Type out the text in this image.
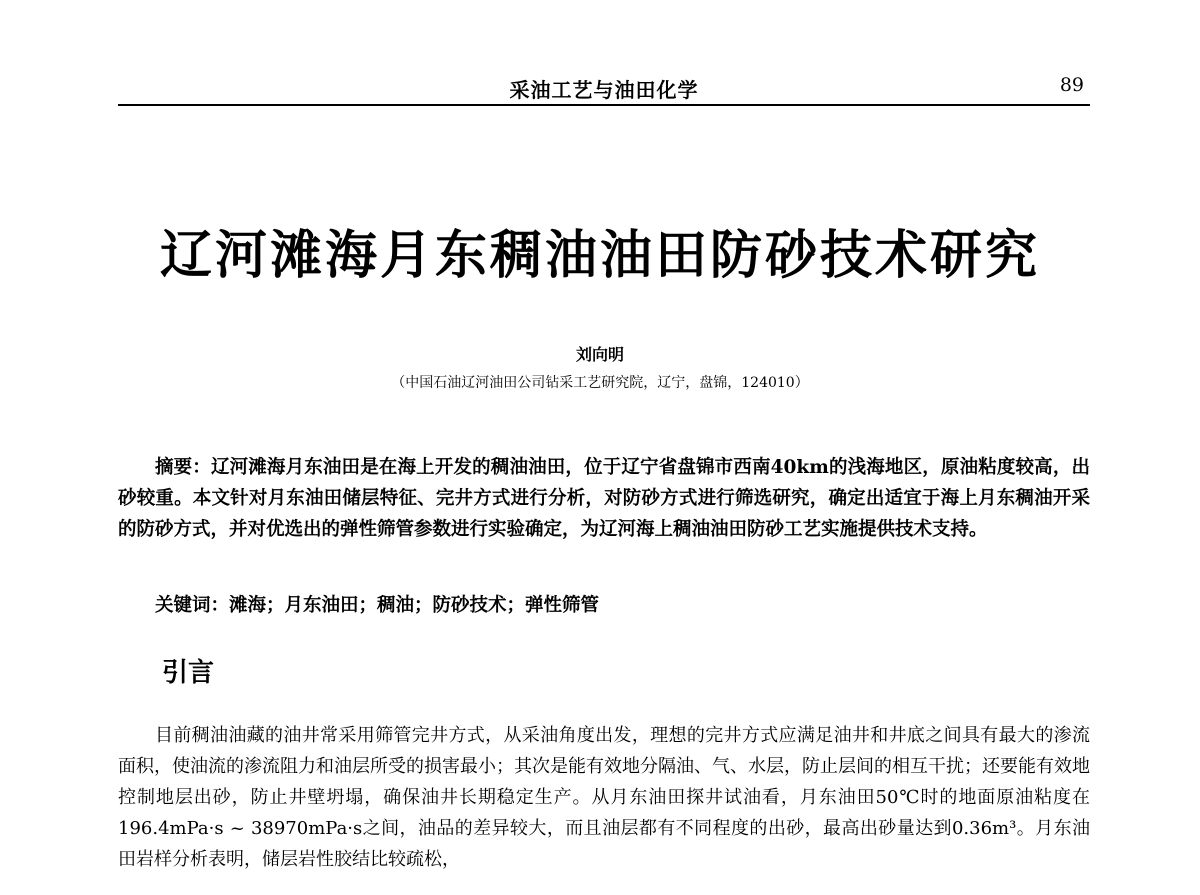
采油工艺与油田化学	89
辽河滩海月东稠油油田防砂技术研究
刘向明
（中国石油辽河油田公司钻采工艺研究院，辽宁，盘锦，124010）

摘要：辽河滩海月东油田是在海上开发的稠油油田，位于辽宁省盘锦市西南40km的浅海地区，原油粘度较高，出砂较重。本文针对月东油田储层特征、完井方式进行分析，对防砂方式进行筛选研究，确定出适宜于海上月东稠油开采的防砂方式，并对优选出的弹性筛管参数进行实验确定，为辽河海上稠油油田防砂工艺实施提供技术支持。

关键词：滩海；月东油田；稠油；防砂技术；弹性筛管

引言

目前稠油油藏的油井常采用筛管完井方式，从采油角度出发，理想的完井方式应满足油井和井底之间具有最大的渗流面积，使油流的渗流阻力和油层所受的损害最小；其次是能有效地分隔油、气、水层，防止层间的相互干扰；还要能有效地控制地层出砂，防止井壁坍塌，确保油井长期稳定生产。从月东油田探井试油看，月东油田50℃时的地面原油粘度在196.4mPa·s ~ 38970mPa·s之间，油品的差异较大，而且油层都有不同程度的出砂，最高出砂量达到0.36m³。月东油田岩样分析表明，储层岩性胶结比较疏松，
